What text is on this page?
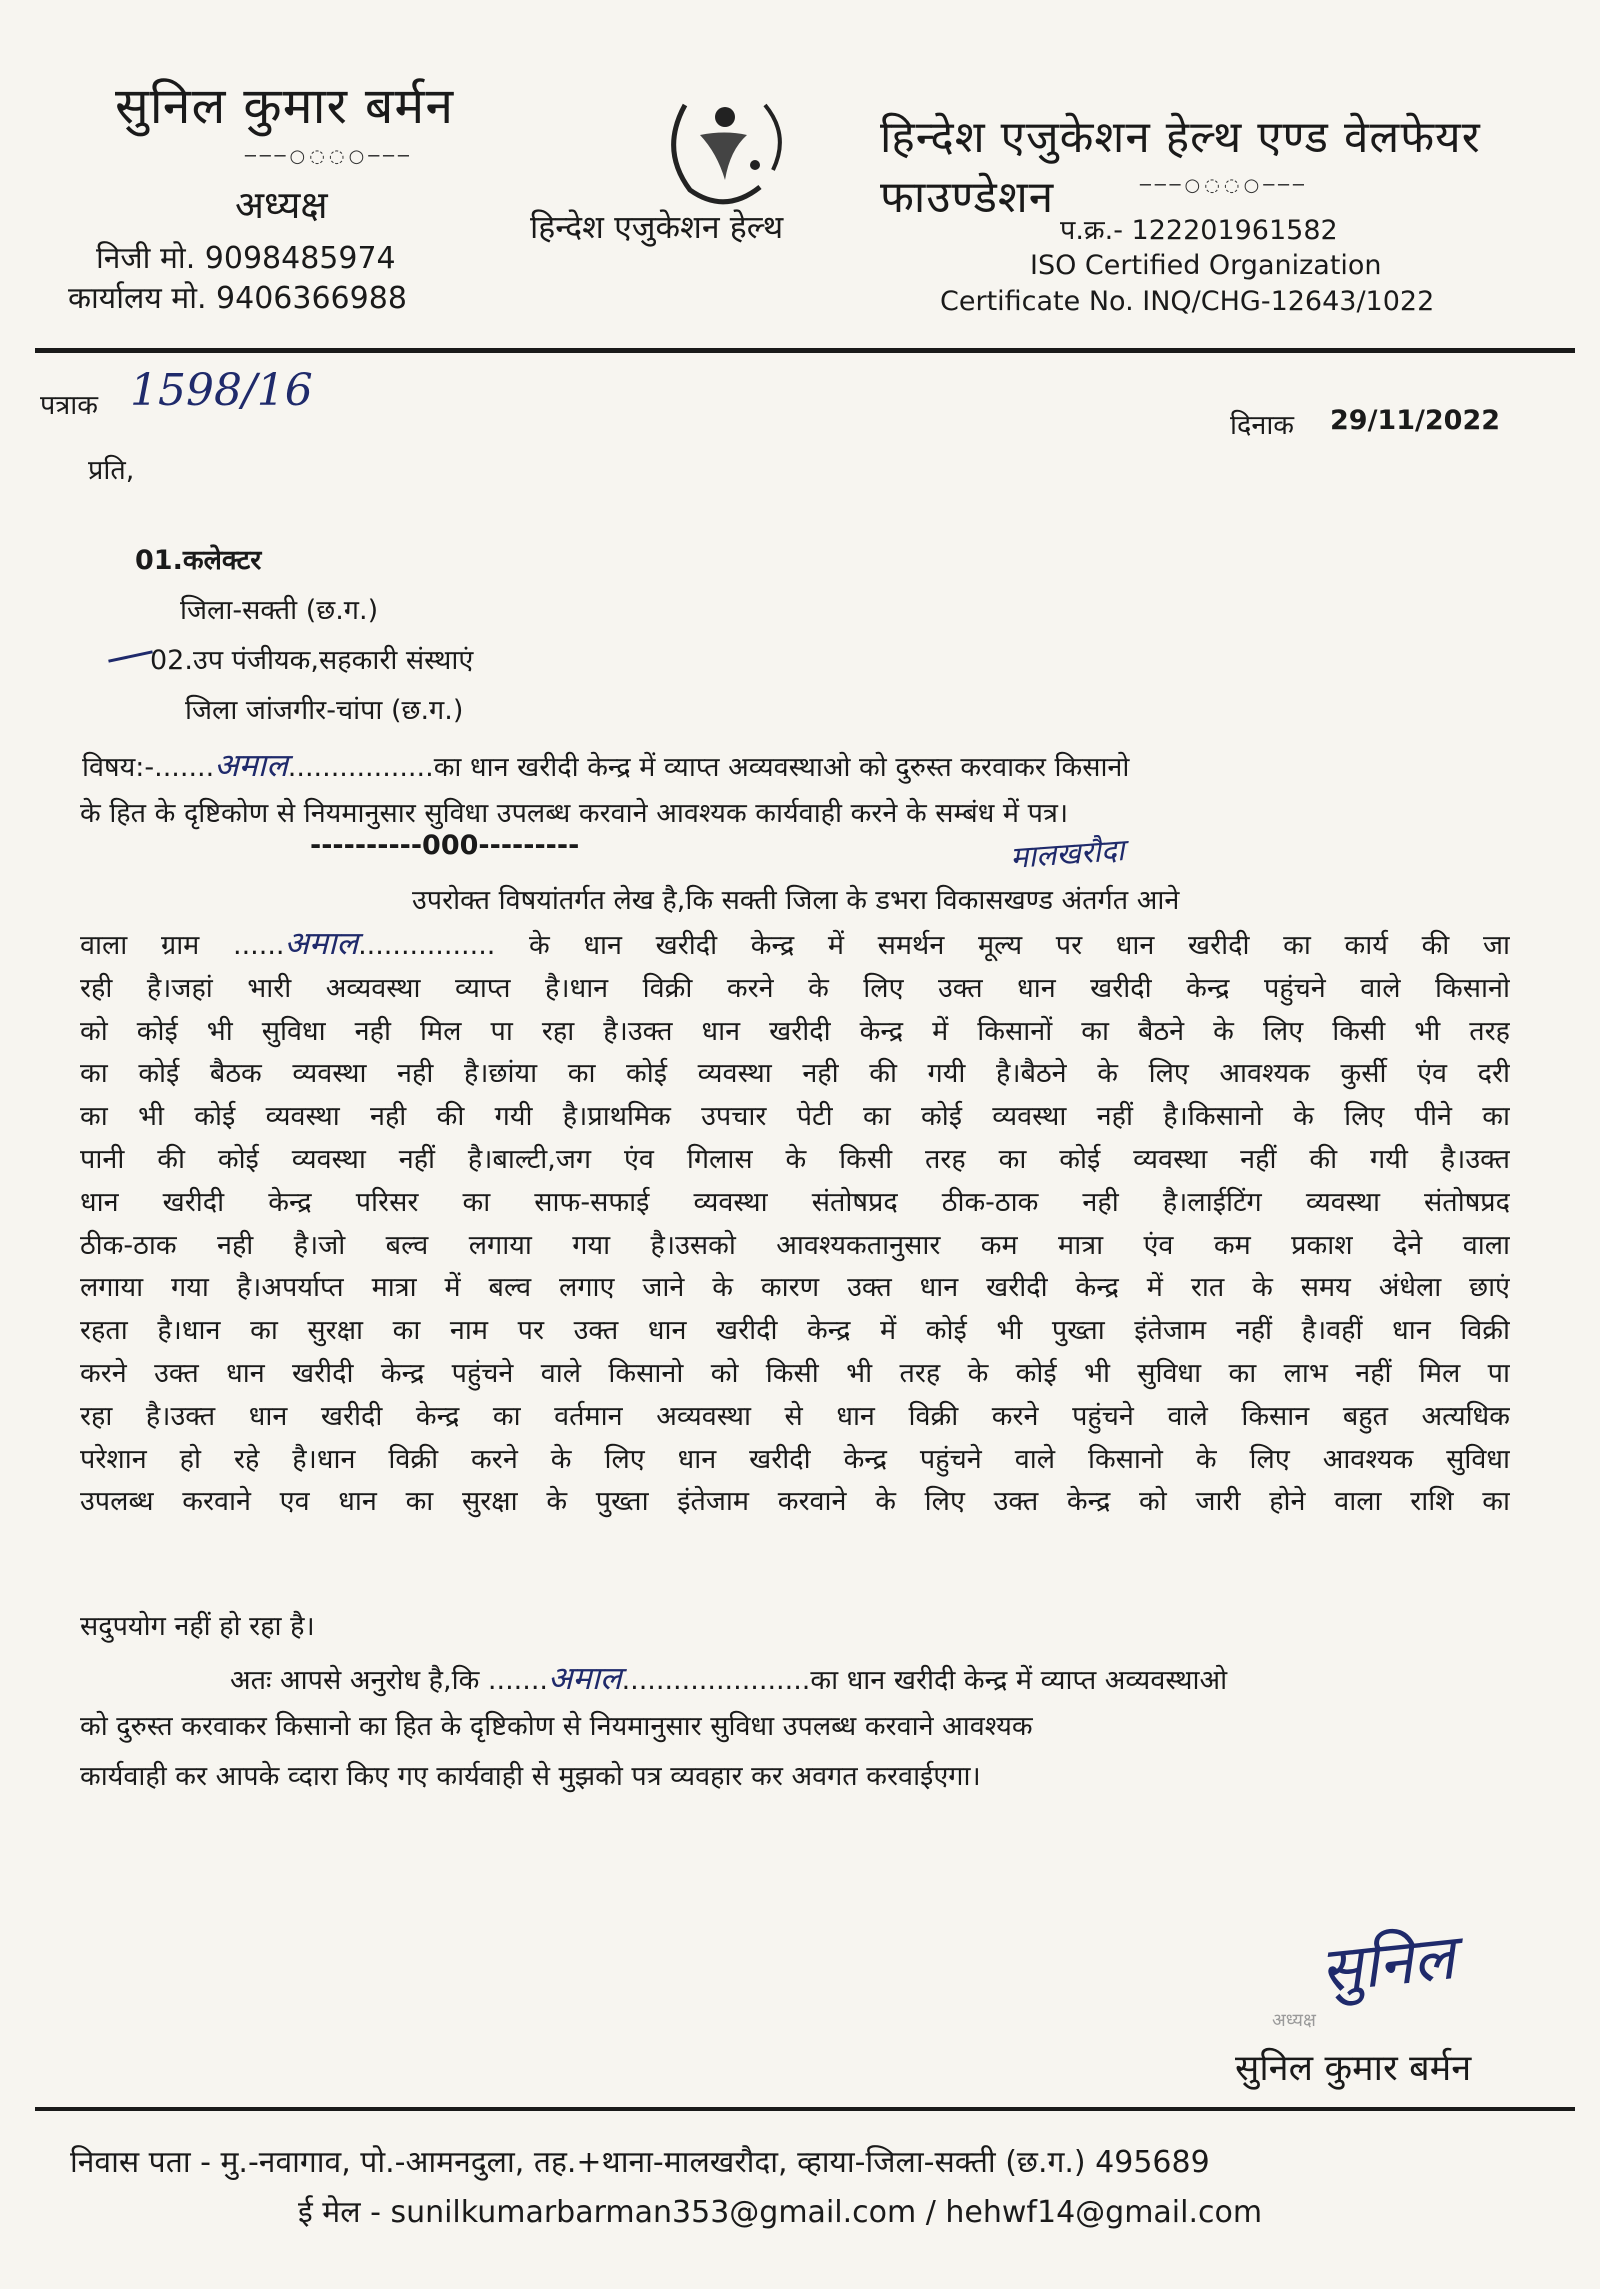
सुनिल कुमार बर्मन
───○◌◌○───
अध्यक्ष
निजी मो. 9098485974
कार्यालय मो. 9406366988
हिन्देश एजुकेशन हेल्थ
हिन्देश एजुकेशन हेल्थ एण्ड वेलफेयर फाउण्डेशन	───○◌◌○───
प.क्र.- 122201961582
ISO Certified Organization
Certificate No. INQ/CHG-12643/1022
पत्राक 1598/16
दिनाक 29/11/2022
प्रति,
01.कलेक्टर
जिला-सक्ती (छ.ग.)
02.उप पंजीयक,सहकारी संस्थाएं
जिला जांजगीर-चांपा (छ.ग.)
विषय:-.......अमाल.................का धान खरीदी केन्द्र में व्याप्त अव्यवस्थाओ को दुरुस्त करवाकर किसानो
के हित के दृष्टिकोण से नियमानुसार सुविधा उपलब्ध करवाने आवश्यक कार्यवाही करने के सम्बंध में पत्र।
----------000---------	मालखरौदा
उपरोक्त विषयांतर्गत लेख है,कि सक्ती जिला के डभरा विकासखण्ड अंतर्गत आने
वाला ग्राम ......अमाल................ के धान खरीदी केन्द्र में समर्थन मूल्य पर धान खरीदी का कार्य की जा
रही है।जहां भारी अव्यवस्था व्याप्त है।धान विक्री करने के लिए उक्त धान खरीदी केन्द्र पहुंचने वाले किसानो
को कोई भी सुविधा नही मिल पा रहा है।उक्त धान खरीदी केन्द्र में किसानों का बैठने के लिए किसी भी तरह
का कोई बैठक व्यवस्था नही है।छांया का कोई व्यवस्था नही की गयी है।बैठने के लिए आवश्यक कुर्सी एंव दरी
का भी कोई व्यवस्था नही की गयी है।प्राथमिक उपचार पेटी का कोई व्यवस्था नहीं है।किसानो के लिए पीने का
पानी की कोई व्यवस्था नहीं है।बाल्टी,जग एंव गिलास के किसी तरह का कोई व्यवस्था नहीं की गयी है।उक्त
धान खरीदी केन्द्र परिसर का साफ-सफाई व्यवस्था संतोषप्रद ठीक-ठाक नही है।लाईटिंग व्यवस्था संतोषप्रद
ठीक-ठाक नही है।जो बल्व लगाया गया है।उसको आवश्यकतानुसार कम मात्रा एंव कम प्रकाश देने वाला
लगाया गया है।अपर्याप्त मात्रा में बल्व लगाए जाने के कारण उक्त धान खरीदी केन्द्र में रात के समय अंधेला छाएं
रहता है।धान का सुरक्षा का नाम पर उक्त धान खरीदी केन्द्र में कोई भी पुख्ता इंतेजाम नहीं है।वहीं धान विक्री
करने उक्त धान खरीदी केन्द्र पहुंचने वाले किसानो को किसी भी तरह के कोई भी सुविधा का लाभ नहीं मिल पा
रहा है।उक्त धान खरीदी केन्द्र का वर्तमान अव्यवस्था से धान विक्री करने पहुंचने वाले किसान बहुत अत्यधिक
परेशान हो रहे है।धान विक्री करने के लिए धान खरीदी केन्द्र पहुंचने वाले किसानो के लिए आवश्यक सुविधा
उपलब्ध करवाने एव धान का सुरक्षा के पुख्ता इंतेजाम करवाने के लिए उक्त केन्द्र को जारी होने वाला राशि का
सदुपयोग नहीं हो रहा है।
अतः आपसे अनुरोध है,कि .......अमाल......................का धान खरीदी केन्द्र में व्याप्त अव्यवस्थाओ
को दुरुस्त करवाकर किसानो का हित के दृष्टिकोण से नियमानुसार सुविधा उपलब्ध करवाने आवश्यक
कार्यवाही कर आपके व्दारा किए गए कार्यवाही से मुझको पत्र व्यवहार कर अवगत करवाईएगा।
सुनिल
अध्यक्ष
सुनिल कुमार बर्मन
निवास पता - मु.-नवागाव, पो.-आमनदुला, तह.+थाना-मालखरौदा, व्हाया-जिला-सक्ती (छ.ग.) 495689
ई मेल - sunilkumarbarman353@gmail.com / hehwf14@gmail.com
